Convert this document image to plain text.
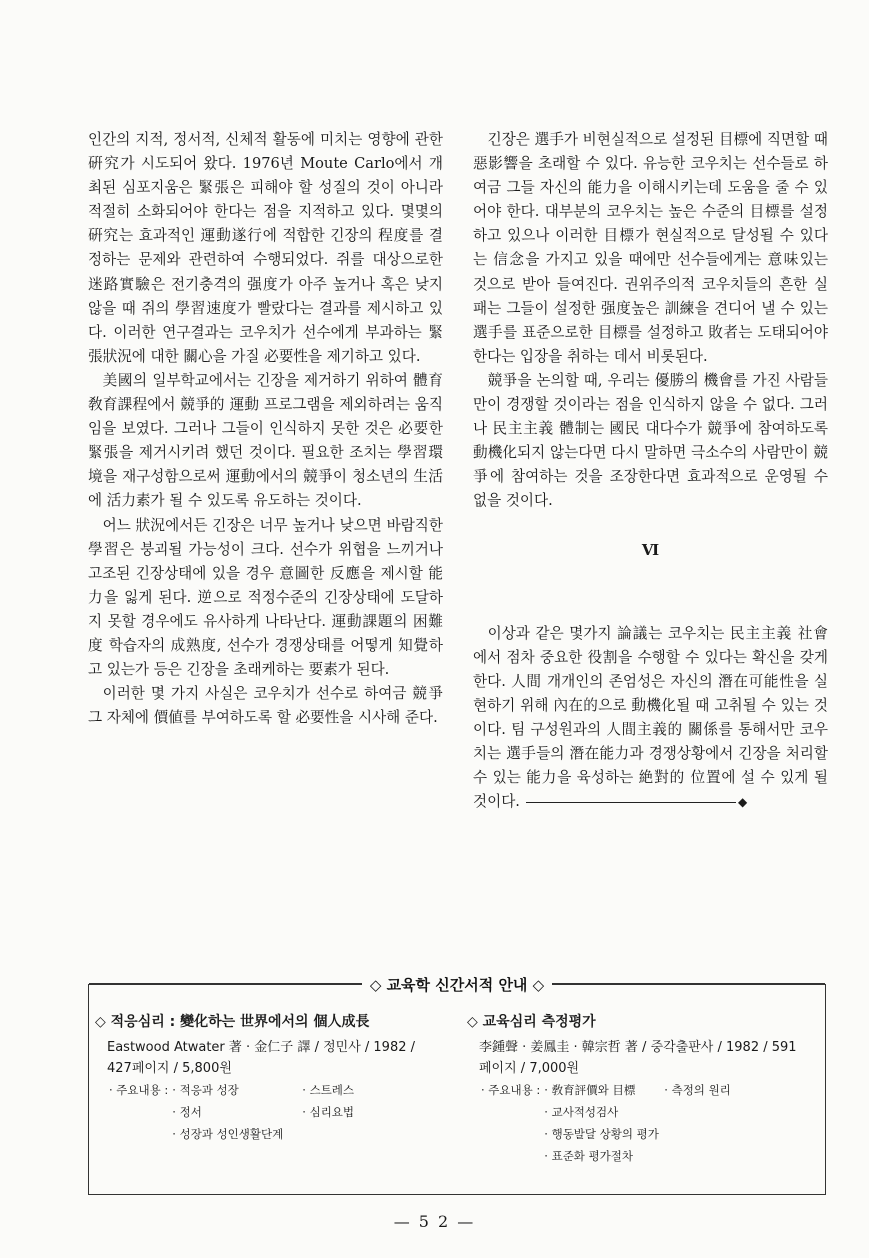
인간의 지적, 정서적, 신체적 활동에 미치는 영향에 관한 硏究가 시도되어 왔다. 1976년 Moute Carlo에서 개최된 심포지움은 緊張은 피해야 할 성질의 것이 아니라 적절히 소화되어야 한다는 점을 지적하고 있다. 몇몇의 硏究는 효과적인 運動遂行에 적합한 긴장의 程度를 결정하는 문제와 관련하여 수행되었다. 쥐를 대상으로한 迷路實驗은 전기충격의 强度가 아주 높거나 혹은 낮지 않을 때 쥐의 學習速度가 빨랐다는 결과를 제시하고 있다. 이러한 연구결과는 코우치가 선수에게 부과하는 緊張狀況에 대한 關心을 가질 必要性을 제기하고 있다.

美國의 일부학교에서는 긴장을 제거하기 위하여 體育敎育課程에서 競爭的 運動 프로그램을 제외하려는 움직임을 보였다. 그러나 그들이 인식하지 못한 것은 必要한 緊張을 제거시키려 했던 것이다. 필요한 조치는 學習環境을 재구성함으로써 運動에서의 競爭이 청소년의 生活에 活力素가 될 수 있도록 유도하는 것이다.

어느 狀況에서든 긴장은 너무 높거나 낮으면 바람직한 學習은 붕괴될 가능성이 크다. 선수가 위협을 느끼거나 고조된 긴장상태에 있을 경우 意圖한 反應을 제시할 能力을 잃게 된다. 逆으로 적정수준의 긴장상태에 도달하지 못할 경우에도 유사하게 나타난다. 運動課題의 困難度 학습자의 成熟度, 선수가 경쟁상태를 어떻게 知覺하고 있는가 등은 긴장을 초래케하는 要素가 된다.

이러한 몇 가지 사실은 코우치가 선수로 하여금 競爭 그 자체에 價値를 부여하도록 할 必要性을 시사해 준다.

긴장은 選手가 비현실적으로 설정된 目標에 직면할 때 惡影響을 초래할 수 있다. 유능한 코우치는 선수들로 하여금 그들 자신의 能力을 이해시키는데 도움을 줄 수 있어야 한다. 대부분의 코우치는 높은 수준의 目標를 설정하고 있으나 이러한 目標가 현실적으로 달성될 수 있다는 信念을 가지고 있을 때에만 선수들에게는 意味있는 것으로 받아 들여진다. 권위주의적 코우치들의 흔한 실패는 그들이 설정한 强度높은 訓練을 견디어 낼 수 있는 選手를 표준으로한 目標를 설정하고 敗者는 도태되어야 한다는 입장을 취하는 데서 비롯된다.

競爭을 논의할 때, 우리는 優勝의 機會를 가진 사람들만이 경쟁할 것이라는 점을 인식하지 않을 수 없다. 그러나 民主主義 體制는 國民 대다수가 競爭에 참여하도록 動機化되지 않는다면 다시 말하면 극소수의 사람만이 競爭에 참여하는 것을 조장한다면 효과적으로 운영될 수 없을 것이다.

Ⅵ

이상과 같은 몇가지 論議는 코우치는 民主主義 社會에서 점차 중요한 役割을 수행할 수 있다는 확신을 갖게한다. 人間 개개인의 존엄성은 자신의 潛在可能性을 실현하기 위해 內在的으로 動機化될 때 고취될 수 있는 것이다. 팀 구성원과의 人間主義的 關係를 통해서만 코우치는 選手들의 潛在能力과 경쟁상황에서 긴장을 처리할 수 있는 能力을 육성하는 絶對的 位置에 설 수 있게 될 것이다.	◆

◇ 교육학 신간서적 안내 ◇
◇ 적응심리 : 變化하는 世界에서의 個人成長
Eastwood Atwater 著 · 金仁子 譯 / 정민사 / 1982 /
427페이지 / 5,800원
· 주요내용 : · 적응과 성장	· 스트레스
· 정서	· 심리요법
· 성장과 성인생활단계
◇ 교육심리 측정평가
李鍾聲 · 姜鳳圭 · 韓宗哲 著 / 중각출판사 / 1982 / 591
페이지 / 7,000원
· 주요내용 : · 敎育評價와 目標	· 측정의 원리
· 교사적성검사
· 행동발달 상황의 평가
· 표준화 평가절차
— 5 2 —
